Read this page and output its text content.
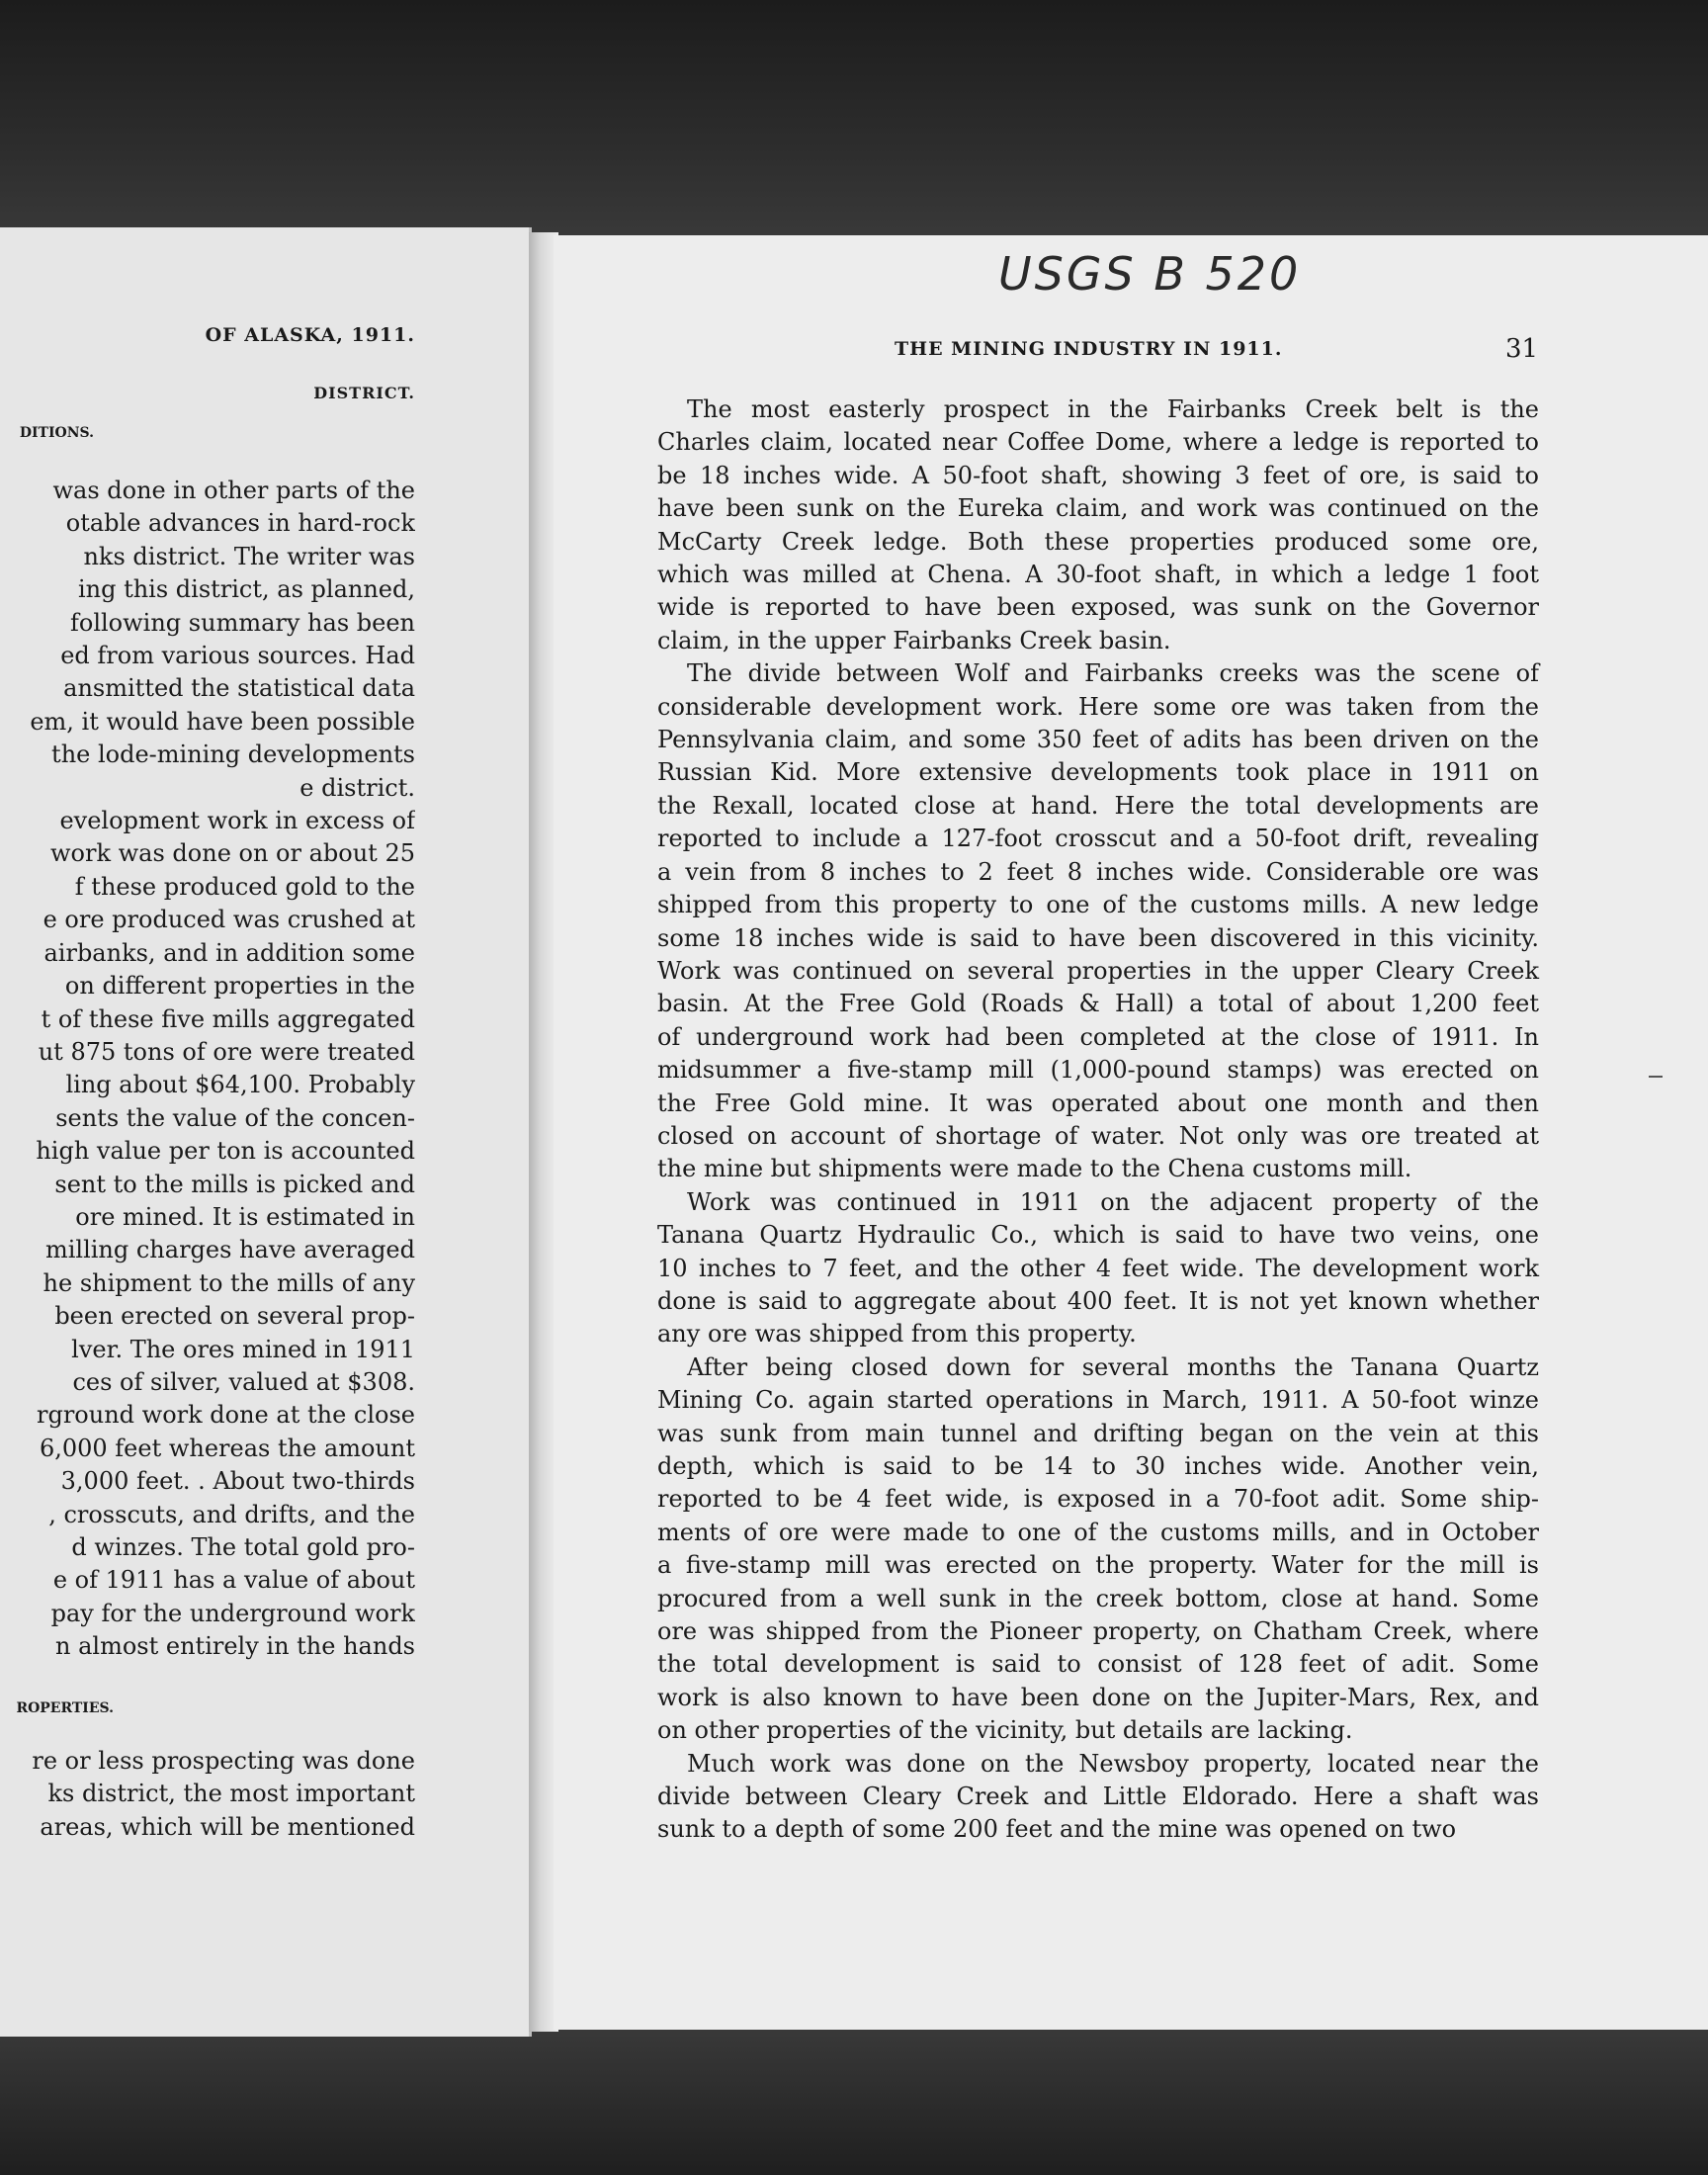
OF ALASKA, 1911.
DISTRICT.
DITIONS.
was done in other parts of the
otable advances in hard-rock
nks district. The writer was
ing this district, as planned,
following summary has been
ed from various sources. Had
ansmitted the statistical data
em, it would have been possible
the lode-mining developments
e district.
evelopment work in excess of
work was done on or about 25
f these produced gold to the
e ore produced was crushed at
airbanks, and in addition some
on different properties in the
t of these five mills aggregated
ut 875 tons of ore were treated
ling about $64,100. Probably
sents the value of the concen-
high value per ton is accounted
sent to the mills is picked and
ore mined. It is estimated in
milling charges have averaged
he shipment to the mills of any
been erected on several prop-
lver. The ores mined in 1911
ces of silver, valued at $308.
rground work done at the close
6,000 feet whereas the amount
3,000 feet. . About two-thirds
, crosscuts, and drifts, and the
d winzes. The total gold pro-
e of 1911 has a value of about
pay for the underground work
n almost entirely in the hands
ROPERTIES.
re or less prospecting was done
ks district, the most important
areas, which will be mentioned
USGS B 520
THE MINING INDUSTRY IN 1911.	31
The most easterly prospect in the Fairbanks Creek belt is the
Charles claim, located near Coffee Dome, where a ledge is reported to
be 18 inches wide. A 50-foot shaft, showing 3 feet of ore, is said to
have been sunk on the Eureka claim, and work was continued on the
McCarty Creek ledge. Both these properties produced some ore,
which was milled at Chena. A 30-foot shaft, in which a ledge 1 foot
wide is reported to have been exposed, was sunk on the Governor
claim, in the upper Fairbanks Creek basin.
The divide between Wolf and Fairbanks creeks was the scene of
considerable development work. Here some ore was taken from the
Pennsylvania claim, and some 350 feet of adits has been driven on the
Russian Kid. More extensive developments took place in 1911 on
the Rexall, located close at hand. Here the total developments are
reported to include a 127-foot crosscut and a 50-foot drift, revealing
a vein from 8 inches to 2 feet 8 inches wide. Considerable ore was
shipped from this property to one of the customs mills. A new ledge
some 18 inches wide is said to have been discovered in this vicinity.
Work was continued on several properties in the upper Cleary Creek
basin. At the Free Gold (Roads & Hall) a total of about 1,200 feet
of underground work had been completed at the close of 1911. In
midsummer a five-stamp mill (1,000-pound stamps) was erected on
the Free Gold mine. It was operated about one month and then
closed on account of shortage of water. Not only was ore treated at
the mine but shipments were made to the Chena customs mill.
Work was continued in 1911 on the adjacent property of the
Tanana Quartz Hydraulic Co., which is said to have two veins, one
10 inches to 7 feet, and the other 4 feet wide. The development work
done is said to aggregate about 400 feet. It is not yet known whether
any ore was shipped from this property.
After being closed down for several months the Tanana Quartz
Mining Co. again started operations in March, 1911. A 50-foot winze
was sunk from main tunnel and drifting began on the vein at this
depth, which is said to be 14 to 30 inches wide. Another vein,
reported to be 4 feet wide, is exposed in a 70-foot adit. Some ship-
ments of ore were made to one of the customs mills, and in October
a five-stamp mill was erected on the property. Water for the mill is
procured from a well sunk in the creek bottom, close at hand. Some
ore was shipped from the Pioneer property, on Chatham Creek, where
the total development is said to consist of 128 feet of adit. Some
work is also known to have been done on the Jupiter-Mars, Rex, and
on other properties of the vicinity, but details are lacking.
Much work was done on the Newsboy property, located near the
divide between Cleary Creek and Little Eldorado. Here a shaft was
sunk to a depth of some 200 feet and the mine was opened on two
